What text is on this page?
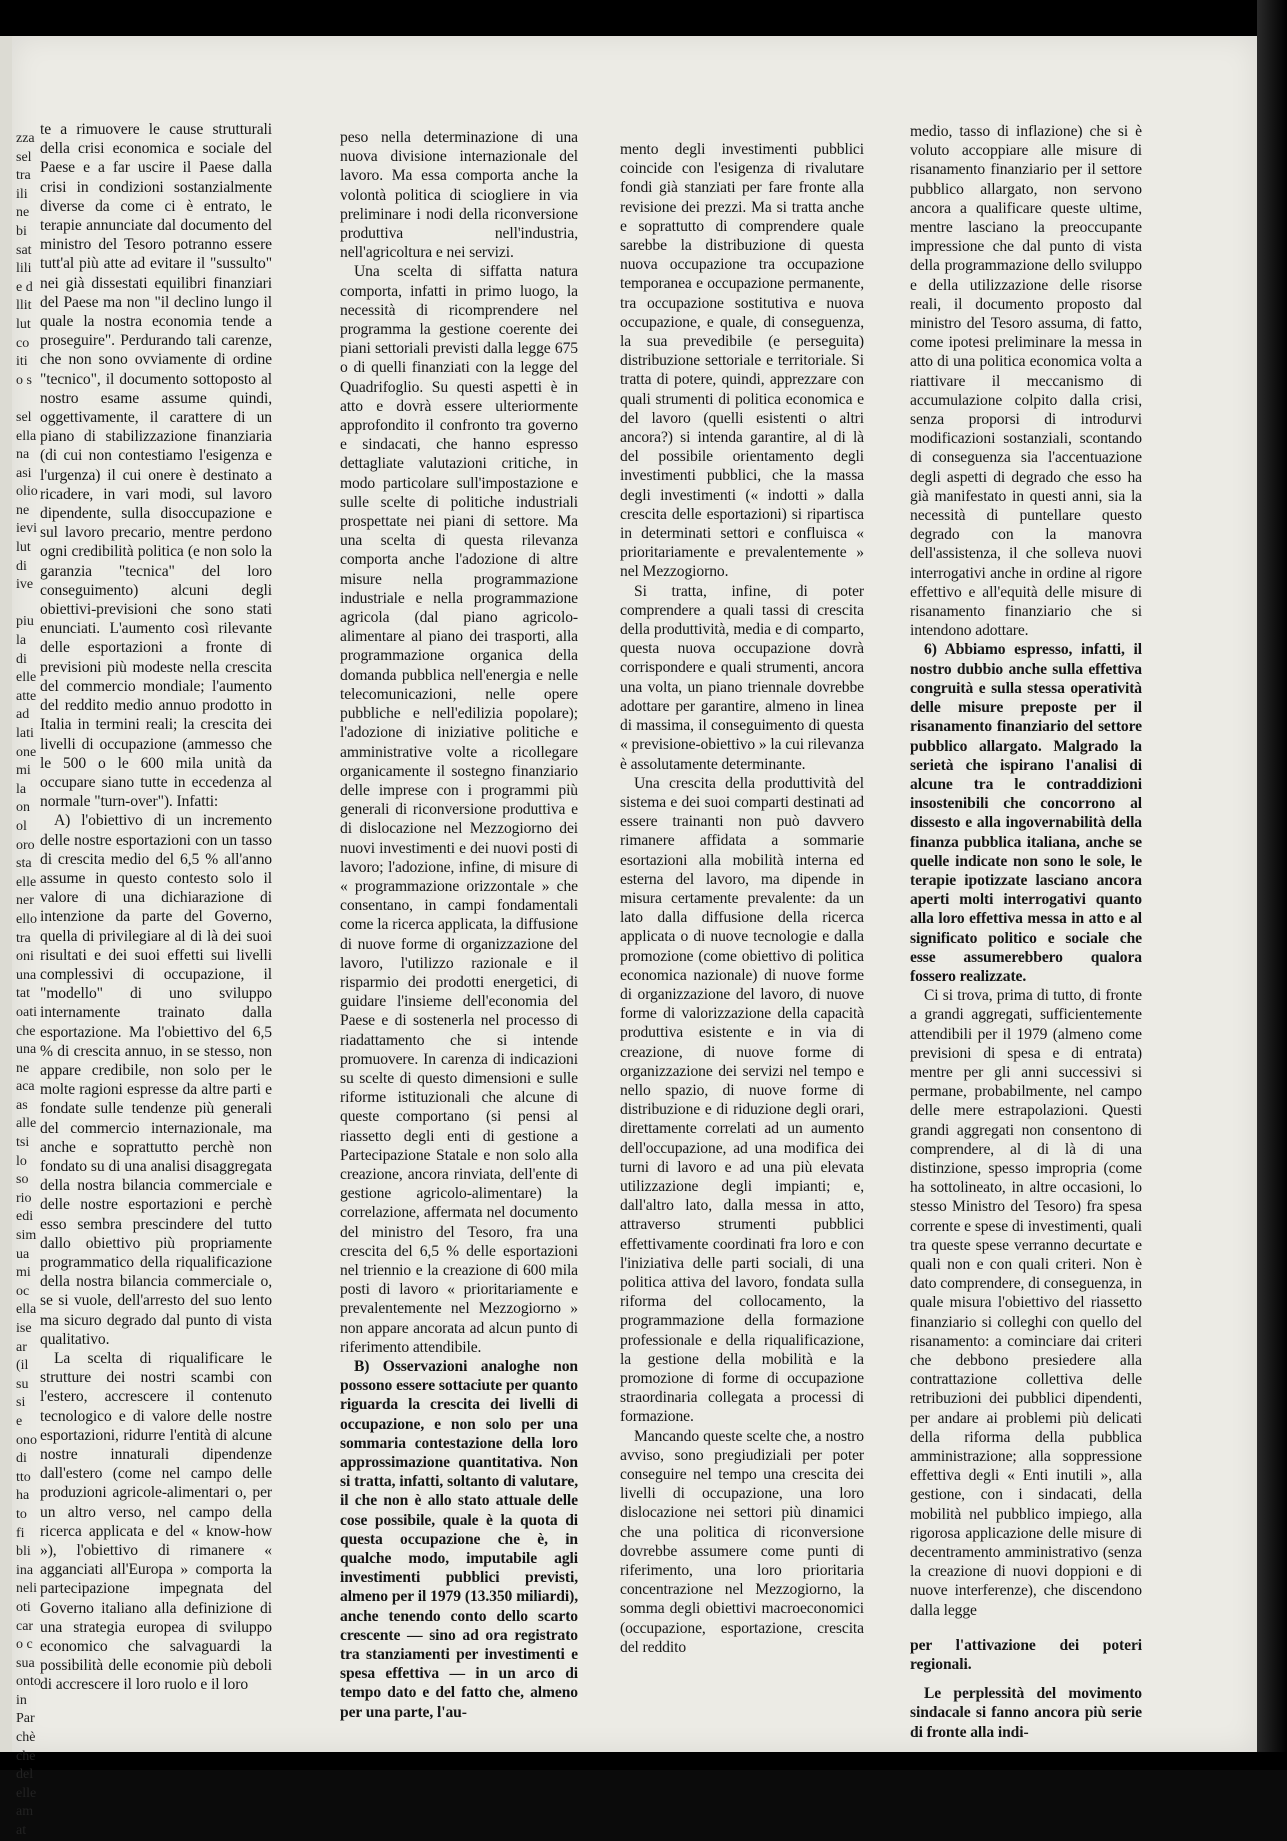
zza
sel
tra
ili
ne
bi
sat
lili
e d
llit
lut
co
iti
o s

sel
ella
na
asi
olio
ne
ievi
lut
di
ive

piu
la
di
elle
atte
ad
lati
one
mi
la
on
ol
oro
sta
elle
ner
ello
tra
oni
una
tat
oati
che
una
ne
aca
as
alle
tsi
lo
so
rio
edi
sim
ua
mi
oc
ella
ise
ar
(il
su
si
e
ono
di
tto
ha
to
fi
bli
ina
neli
oti
car
o c
sua
onto
in
Par
chè
che
del
elle
am
at

te a rimuovere le cause strutturali della crisi economica e sociale del Paese e a far uscire il Paese dalla crisi in condizioni sostanzialmente diverse da come ci è entrato, le terapie annunciate dal documento del ministro del Tesoro potranno essere tutt'al più atte ad evitare il "sussulto" nei già dissestati equilibri finanziari del Paese ma non "il declino lungo il quale la nostra economia tende a proseguire". Perdurando tali carenze, che non sono ovviamente di ordine "tecnico", il documento sottoposto al nostro esame assume quindi, oggettivamente, il carattere di un piano di stabilizzazione finanziaria (di cui non contestiamo l'esigenza e l'urgenza) il cui onere è destinato a ricadere, in vari modi, sul lavoro dipendente, sulla disoccupazione e sul lavoro precario, mentre perdono ogni credibilità politica (e non solo la garanzia "tecnica" del loro conseguimento) alcuni degli obiettivi-previsioni che sono stati enunciati. L'aumento così rilevante delle esportazioni a fronte di previsioni più modeste nella crescita del commercio mondiale; l'aumento del reddito medio annuo prodotto in Italia in termini reali; la crescita dei livelli di occupazione (ammesso che le 500 o le 600 mila unità da occupare siano tutte in eccedenza al normale "turn-over"). Infatti:

A) l'obiettivo di un incremento delle nostre esportazioni con un tasso di crescita medio del 6,5 % all'anno assume in questo contesto solo il valore di una dichiarazione di intenzione da parte del Governo, quella di privilegiare al di là dei suoi risultati e dei suoi effetti sui livelli complessivi di occupazione, il "modello" di uno sviluppo internamente trainato dalla esportazione. Ma l'obiettivo del 6,5 % di crescita annuo, in se stesso, non appare credibile, non solo per le molte ragioni espresse da altre parti e fondate sulle tendenze più generali del commercio internazionale, ma anche e soprattutto perchè non fondato su di una analisi disaggregata della nostra bilancia commerciale e delle nostre esportazioni e perchè esso sembra prescindere del tutto dallo obiettivo più propriamente programmatico della riqualificazione della nostra bilancia commerciale o, se si vuole, dell'arresto del suo lento ma sicuro degrado dal punto di vista qualitativo.

La scelta di riqualificare le strutture dei nostri scambi con l'estero, accrescere il contenuto tecnologico e di valore delle nostre esportazioni, ridurre l'entità di alcune nostre innaturali dipendenze dall'estero (come nel campo delle produzioni agricole-alimentari o, per un altro verso, nel campo della ricerca applicata e del « know-how »), l'obiettivo di rimanere « agganciati all'Europa » comporta la partecipazione impegnata del Governo italiano alla definizione di una strategia europea di sviluppo economico che salvaguardi la possibilità delle economie più deboli di accrescere il loro ruolo e il loro

peso nella determinazione di una nuova divisione internazionale del lavoro. Ma essa comporta anche la volontà politica di sciogliere in via preliminare i nodi della riconversione produttiva nell'industria, nell'agricoltura e nei servizi.

Una scelta di siffatta natura comporta, infatti in primo luogo, la necessità di ricomprendere nel programma la gestione coerente dei piani settoriali previsti dalla legge 675 o di quelli finanziati con la legge del Quadrifoglio. Su questi aspetti è in atto e dovrà essere ulteriormente approfondito il confronto tra governo e sindacati, che hanno espresso dettagliate valutazioni critiche, in modo particolare sull'impostazione e sulle scelte di politiche industriali prospettate nei piani di settore. Ma una scelta di questa rilevanza comporta anche l'adozione di altre misure nella programmazione industriale e nella programmazione agricola (dal piano agricolo-alimentare al piano dei trasporti, alla programmazione organica della domanda pubblica nell'energia e nelle telecomunicazioni, nelle opere pubbliche e nell'edilizia popolare); l'adozione di iniziative politiche e amministrative volte a ricollegare organicamente il sostegno finanziario delle imprese con i programmi più generali di riconversione produttiva e di dislocazione nel Mezzogiorno dei nuovi investimenti e dei nuovi posti di lavoro; l'adozione, infine, di misure di « programmazione orizzontale » che consentano, in campi fondamentali come la ricerca applicata, la diffusione di nuove forme di organizzazione del lavoro, l'utilizzo razionale e il risparmio dei prodotti energetici, di guidare l'insieme dell'economia del Paese e di sostenerla nel processo di riadattamento che si intende promuovere. In carenza di indicazioni su scelte di questo dimensioni e sulle riforme istituzionali che alcune di queste comportano (si pensi al riassetto degli enti di gestione a Partecipazione Statale e non solo alla creazione, ancora rinviata, dell'ente di gestione agricolo-alimentare) la correlazione, affermata nel documento del ministro del Tesoro, fra una crescita del 6,5 % delle esportazioni nel triennio e la creazione di 600 mila posti di lavoro « prioritariamente e prevalentemente nel Mezzogiorno » non appare ancorata ad alcun punto di riferimento attendibile.

B) Osservazioni analoghe non possono essere sottaciute per quanto riguarda la crescita dei livelli di occupazione, e non solo per una sommaria contestazione della loro approssimazione quantitativa. Non si tratta, infatti, soltanto di valutare, il che non è allo stato attuale delle cose possibile, quale è la quota di questa occupazione che è, in qualche modo, imputabile agli investimenti pubblici previsti, almeno per il 1979 (13.350 miliardi), anche tenendo conto dello scarto crescente — sino ad ora registrato tra stanziamenti per investimenti e spesa effettiva — in un arco di tempo dato e del fatto che, almeno per una parte, l'au-

mento degli investimenti pubblici coincide con l'esigenza di rivalutare fondi già stanziati per fare fronte alla revisione dei prezzi. Ma si tratta anche e soprattutto di comprendere quale sarebbe la distribuzione di questa nuova occupazione tra occupazione temporanea e occupazione permanente, tra occupazione sostitutiva e nuova occupazione, e quale, di conseguenza, la sua prevedibile (e perseguita) distribuzione settoriale e territoriale. Si tratta di potere, quindi, apprezzare con quali strumenti di politica economica e del lavoro (quelli esistenti o altri ancora?) si intenda garantire, al di là del possibile orientamento degli investimenti pubblici, che la massa degli investimenti (« indotti » dalla crescita delle esportazioni) si ripartisca in determinati settori e confluisca « prioritariamente e prevalentemente » nel Mezzogiorno.

Si tratta, infine, di poter comprendere a quali tassi di crescita della produttività, media e di comparto, questa nuova occupazione dovrà corrispondere e quali strumenti, ancora una volta, un piano triennale dovrebbe adottare per garantire, almeno in linea di massima, il conseguimento di questa « previsione-obiettivo » la cui rilevanza è assolutamente determinante.

Una crescita della produttività del sistema e dei suoi comparti destinati ad essere trainanti non può davvero rimanere affidata a sommarie esortazioni alla mobilità interna ed esterna del lavoro, ma dipende in misura certamente prevalente: da un lato dalla diffusione della ricerca applicata o di nuove tecnologie e dalla promozione (come obiettivo di politica economica nazionale) di nuove forme di organizzazione del lavoro, di nuove forme di valorizzazione della capacità produttiva esistente e in via di creazione, di nuove forme di organizzazione dei servizi nel tempo e nello spazio, di nuove forme di distribuzione e di riduzione degli orari, direttamente correlati ad un aumento dell'occupazione, ad una modifica dei turni di lavoro e ad una più elevata utilizzazione degli impianti; e, dall'altro lato, dalla messa in atto, attraverso strumenti pubblici effettivamente coordinati fra loro e con l'iniziativa delle parti sociali, di una politica attiva del lavoro, fondata sulla riforma del collocamento, la programmazione della formazione professionale e della riqualificazione, la gestione della mobilità e la promozione di forme di occupazione straordinaria collegata a processi di formazione.

Mancando queste scelte che, a nostro avviso, sono pregiudiziali per poter conseguire nel tempo una crescita dei livelli di occupazione, una loro dislocazione nei settori più dinamici che una politica di riconversione dovrebbe assumere come punti di riferimento, una loro prioritaria concentrazione nel Mezzogiorno, la somma degli obiettivi macroeconomici (occupazione, esportazione, crescita del reddito

medio, tasso di inflazione) che si è voluto accoppiare alle misure di risanamento finanziario per il settore pubblico allargato, non servono ancora a qualificare queste ultime, mentre lasciano la preoccupante impressione che dal punto di vista della programmazione dello sviluppo e della utilizzazione delle risorse reali, il documento proposto dal ministro del Tesoro assuma, di fatto, come ipotesi preliminare la messa in atto di una politica economica volta a riattivare il meccanismo di accumulazione colpito dalla crisi, senza proporsi di introdurvi modificazioni sostanziali, scontando di conseguenza sia l'accentuazione degli aspetti di degrado che esso ha già manifestato in questi anni, sia la necessità di puntellare questo degrado con la manovra dell'assistenza, il che solleva nuovi interrogativi anche in ordine al rigore effettivo e all'equità delle misure di risanamento finanziario che si intendono adottare.

6) Abbiamo espresso, infatti, il nostro dubbio anche sulla effettiva congruità e sulla stessa operatività delle misure preposte per il risanamento finanziario del settore pubblico allargato. Malgrado la serietà che ispirano l'analisi di alcune tra le contraddizioni insostenibili che concorrono al dissesto e alla ingovernabilità della finanza pubblica italiana, anche se quelle indicate non sono le sole, le terapie ipotizzate lasciano ancora aperti molti interrogativi quanto alla loro effettiva messa in atto e al significato politico e sociale che esse assumerebbero qualora fossero realizzate.

Ci si trova, prima di tutto, di fronte a grandi aggregati, sufficientemente attendibili per il 1979 (almeno come previsioni di spesa e di entrata) mentre per gli anni successivi si permane, probabilmente, nel campo delle mere estrapolazioni. Questi grandi aggregati non consentono di comprendere, al di là di una distinzione, spesso impropria (come ha sottolineato, in altre occasioni, lo stesso Ministro del Tesoro) fra spesa corrente e spese di investimenti, quali tra queste spese verranno decurtate e quali non e con quali criteri. Non è dato comprendere, di conseguenza, in quale misura l'obiettivo del riassetto finanziario si colleghi con quello del risanamento: a cominciare dai criteri che debbono presiedere alla contrattazione collettiva delle retribuzioni dei pubblici dipendenti, per andare ai problemi più delicati della riforma della pubblica amministrazione; alla soppressione effettiva degli « Enti inutili », alla gestione, con i sindacati, della mobilità nel pubblico impiego, alla rigorosa applicazione delle misure di decentramento amministrativo (senza la creazione di nuovi doppioni e di nuove interferenze), che discendono dalla legge

per l'attivazione dei poteri regionali.

Le perplessità del movimento sindacale si fanno ancora più serie di fronte alla indi-
